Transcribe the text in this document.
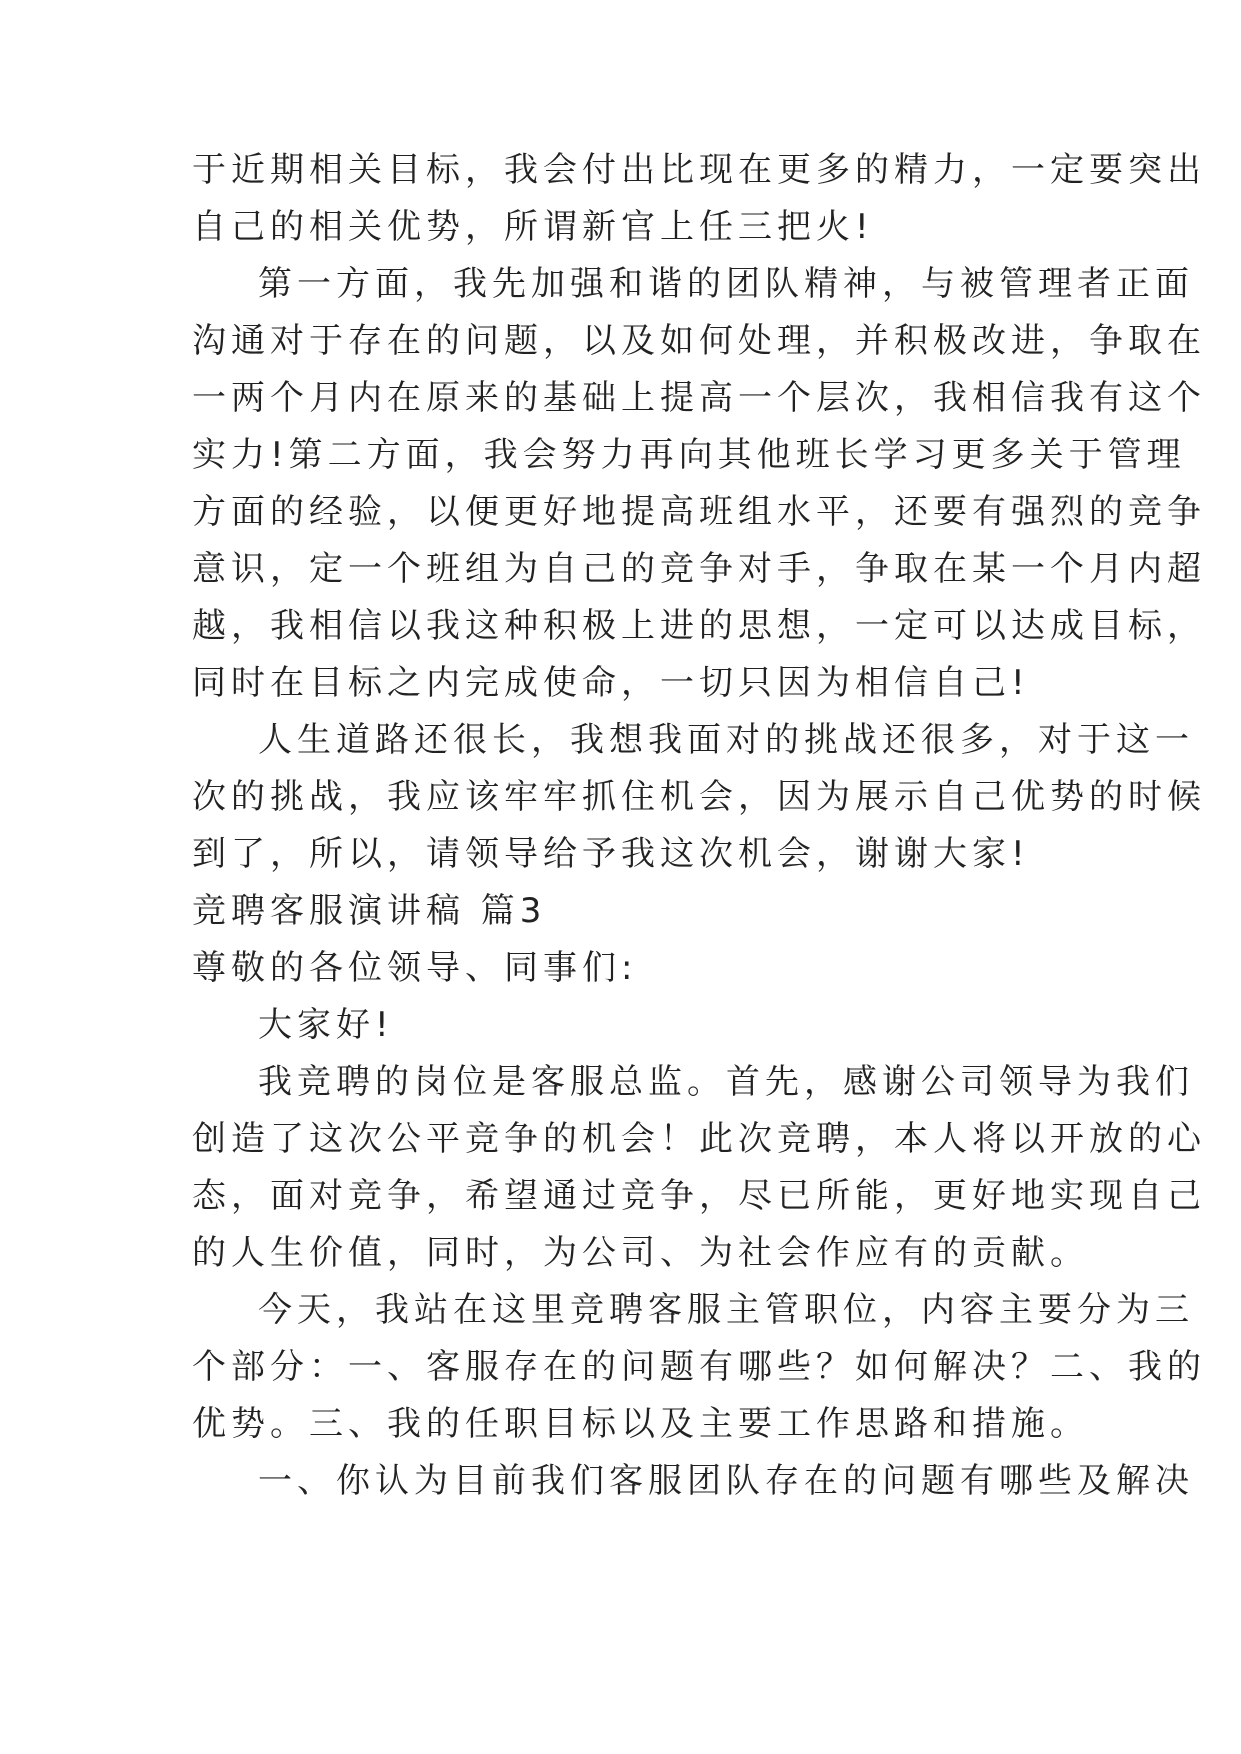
于近期相关目标，我会付出比现在更多的精力，一定要突出
自己的相关优势，所谓新官上任三把火!
第一方面，我先加强和谐的团队精神，与被管理者正面
沟通对于存在的问题，以及如何处理，并积极改进，争取在
一两个月内在原来的基础上提高一个层次，我相信我有这个
实力!第二方面，我会努力再向其他班长学习更多关于管理
方面的经验，以便更好地提高班组水平，还要有强烈的竞争
意识，定一个班组为自己的竞争对手，争取在某一个月内超
越，我相信以我这种积极上进的思想，一定可以达成目标，
同时在目标之内完成使命，一切只因为相信自己!
人生道路还很长，我想我面对的挑战还很多，对于这一
次的挑战，我应该牢牢抓住机会，因为展示自己优势的时候
到了，所以，请领导给予我这次机会，谢谢大家!
竞聘客服演讲稿 篇3
尊敬的各位领导、同事们:
大家好!
我竞聘的岗位是客服总监。首先，感谢公司领导为我们
创造了这次公平竞争的机会！此次竞聘，本人将以开放的心
态，面对竞争，希望通过竞争，尽已所能，更好地实现自己
的人生价值，同时，为公司、为社会作应有的贡献。
今天，我站在这里竞聘客服主管职位，内容主要分为三
个部分：一、客服存在的问题有哪些？如何解决？二、我的
优势。三、我的任职目标以及主要工作思路和措施。
一、你认为目前我们客服团队存在的问题有哪些及解决
